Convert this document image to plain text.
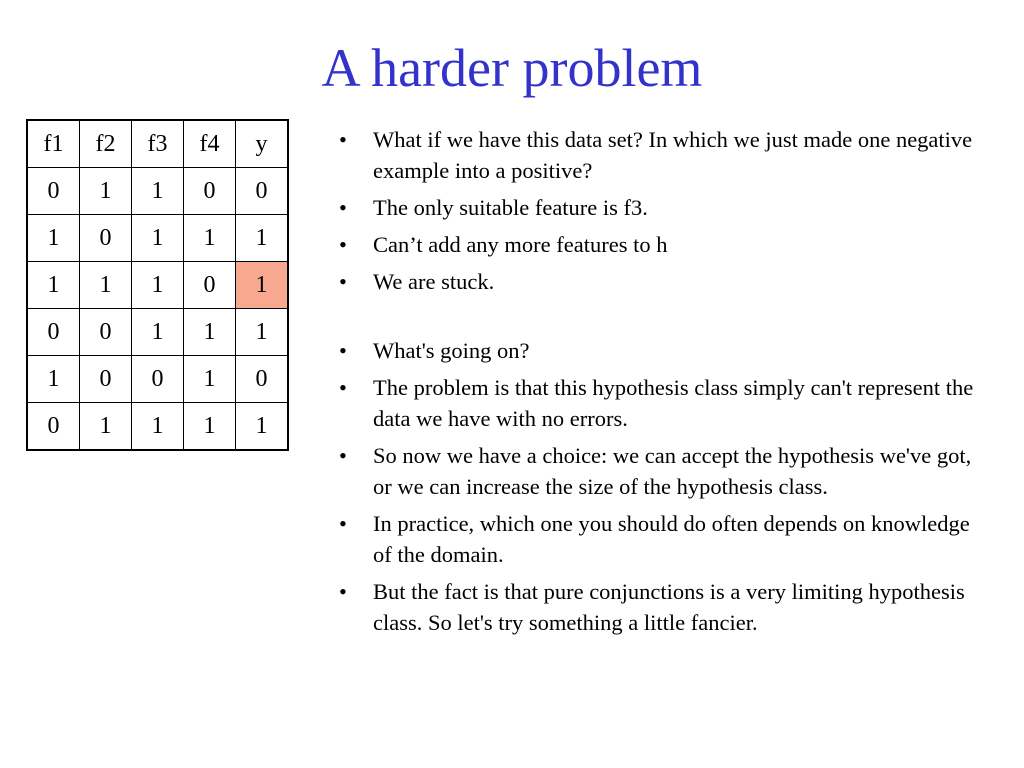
A harder problem
f1	f2	f3	f4	y
0	1	1	0	0
1	0	1	1	1
1	1	1	0	1
0	0	1	1	1
1	0	0	1	0
0	1	1	1	1
• What if we have this data set? In which we just made one negative example into a positive?
• The only suitable feature is f3.
• Can’t add any more features to h
• We are stuck.
• What's going on?
• The problem is that this hypothesis class simply can't represent the data we have with no errors.
• So now we have a choice: we can accept the hypothesis we've got, or we can increase the size of the hypothesis class.
• In practice, which one you should do often depends on knowledge of the domain.
• But the fact is that pure conjunctions is a very limiting hypothesis class. So let's try something a little fancier.
